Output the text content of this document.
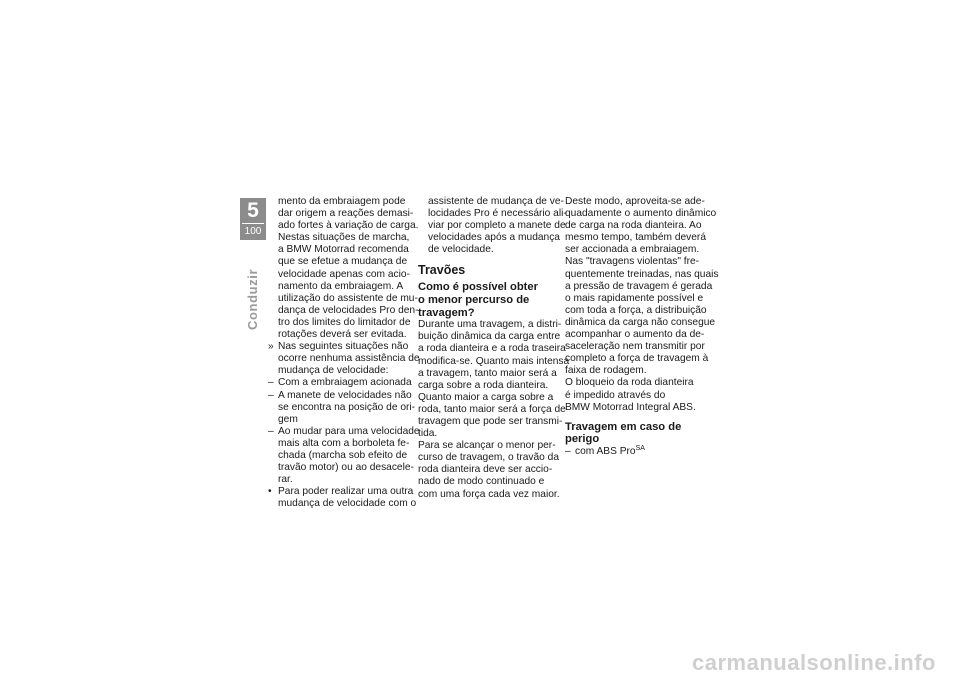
5
100
Conduzir
mento da embraiagem pode
dar origem a reações demasi-
ado fortes à variação de carga.
Nestas situações de marcha,
a BMW Motorrad recomenda
que se efetue a mudança de
velocidade apenas com acio-
namento da embraiagem. A
utilização do assistente de mu-
dança de velocidades Pro den-
tro dos limites do limitador de
rotações deverá ser evitada.
» Nas seguintes situações não
ocorre nenhuma assistência de
mudança de velocidade:
– Com a embraiagem acionada
– A manete de velocidades não
se encontra na posição de ori-
gem
– Ao mudar para uma velocidade
mais alta com a borboleta fe-
chada (marcha sob efeito de
travão motor) ou ao desacele-
rar.
• Para poder realizar uma outra
mudança de velocidade com o
assistente de mudança de ve-
locidades Pro é necessário ali-
viar por completo a manete de
velocidades após a mudança
de velocidade.
Travões
Como é possível obter
o menor percurso de
travagem?
Durante uma travagem, a distri-
buição dinâmica da carga entre
a roda dianteira e a roda traseira
modifica-se. Quanto mais intensa
a travagem, tanto maior será a
carga sobre a roda dianteira.
Quanto maior a carga sobre a
roda, tanto maior será a força de
travagem que pode ser transmi-
tida.
Para se alcançar o menor per-
curso de travagem, o travão da
roda dianteira deve ser accio-
nado de modo continuado e
com uma força cada vez maior.
Deste modo, aproveita-se ade-
quadamente o aumento dinâmico
de carga na roda dianteira. Ao
mesmo tempo, também deverá
ser accionada a embraiagem.
Nas "travagens violentas" fre-
quentemente treinadas, nas quais
a pressão de travagem é gerada
o mais rapidamente possível e
com toda a força, a distribuição
dinâmica da carga não consegue
acompanhar o aumento da de-
saceleração nem transmitir por
completo a força de travagem à
faixa de rodagem.
O bloqueio da roda dianteira
é impedido através do
BMW Motorrad Integral ABS.
Travagem em caso de
perigo
– com ABS Pro$^{SA}$
carmanualsonline.info
